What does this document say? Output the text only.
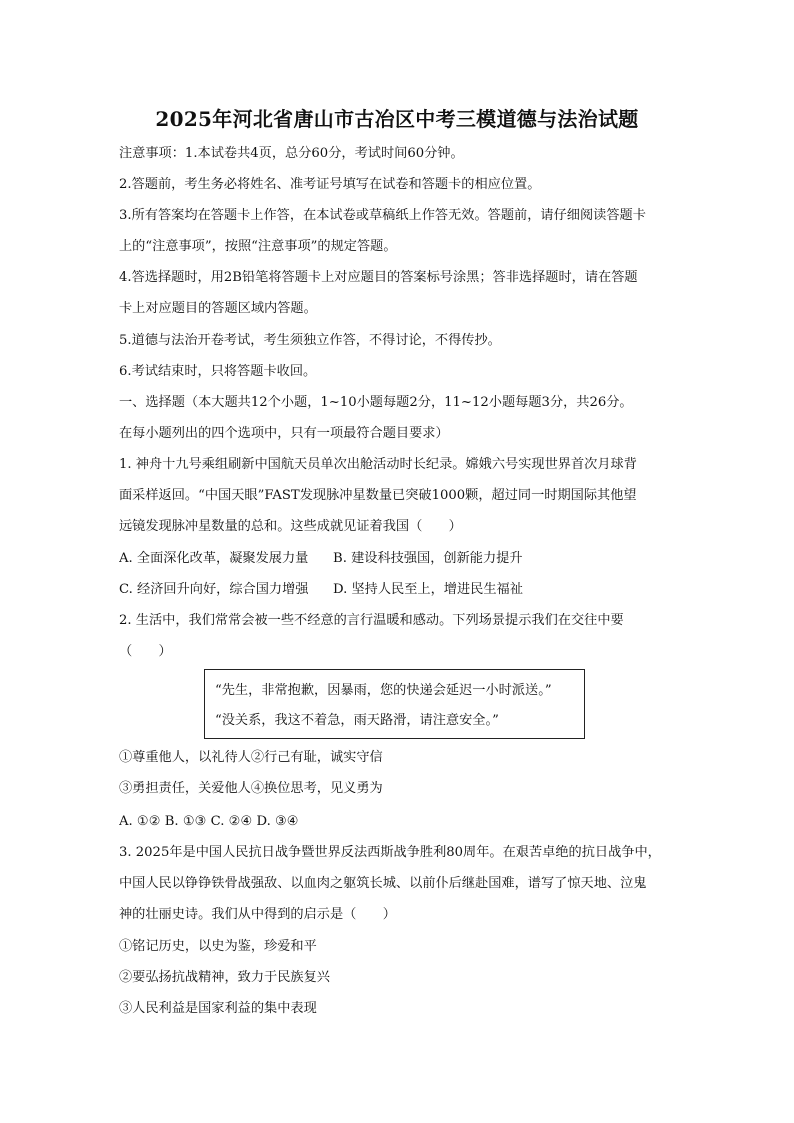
2025年河北省唐山市古冶区中考三模道德与法治试题
注意事项：1.本试卷共4页，总分60分，考试时间60分钟。
2.答题前，考生务必将姓名、准考证号填写在试卷和答题卡的相应位置。
3.所有答案均在答题卡上作答，在本试卷或草稿纸上作答无效。答题前，请仔细阅读答题卡
上的“注意事项”，按照“注意事项”的规定答题。
4.答选择题时，用2B铅笔将答题卡上对应题目的答案标号涂黑；答非选择题时，请在答题
卡上对应题目的答题区域内答题。
5.道德与法治开卷考试，考生须独立作答，不得讨论，不得传抄。
6.考试结束时，只将答题卡收回。
一、选择题（本大题共12个小题，1~10小题每题2分，11~12小题每题3分，共26分。
在每小题列出的四个选项中，只有一项最符合题目要求）
1. 神舟十九号乘组刷新中国航天员单次出舱活动时长纪录。嫦娥六号实现世界首次月球背
面采样返回。“中国天眼”FAST发现脉冲星数量已突破1000颗，超过同一时期国际其他望
远镜发现脉冲星数量的总和。这些成就见证着我国（　　）
A. 全面深化改革，凝聚发展力量 B. 建设科技强国，创新能力提升
C. 经济回升向好，综合国力增强 D. 坚持人民至上，增进民生福祉
2. 生活中，我们常常会被一些不经意的言行温暖和感动。下列场景提示我们在交往中要
（　　）
“先生，非常抱歉，因暴雨，您的快递会延迟一小时派送。”
“没关系，我这不着急，雨天路滑，请注意安全。”
①尊重他人，以礼待人②行己有耻，诚实守信
③勇担责任，关爱他人④换位思考，见义勇为
A. ①② B. ①③ C. ②④ D. ③④
3. 2025年是中国人民抗日战争暨世界反法西斯战争胜利80周年。在艰苦卓绝的抗日战争中，
中国人民以铮铮铁骨战强敌、以血肉之躯筑长城、以前仆后继赴国难，谱写了惊天地、泣鬼
神的壮丽史诗。我们从中得到的启示是（　　）
①铭记历史，以史为鉴，珍爱和平
②要弘扬抗战精神，致力于民族复兴
③人民利益是国家利益的集中表现
